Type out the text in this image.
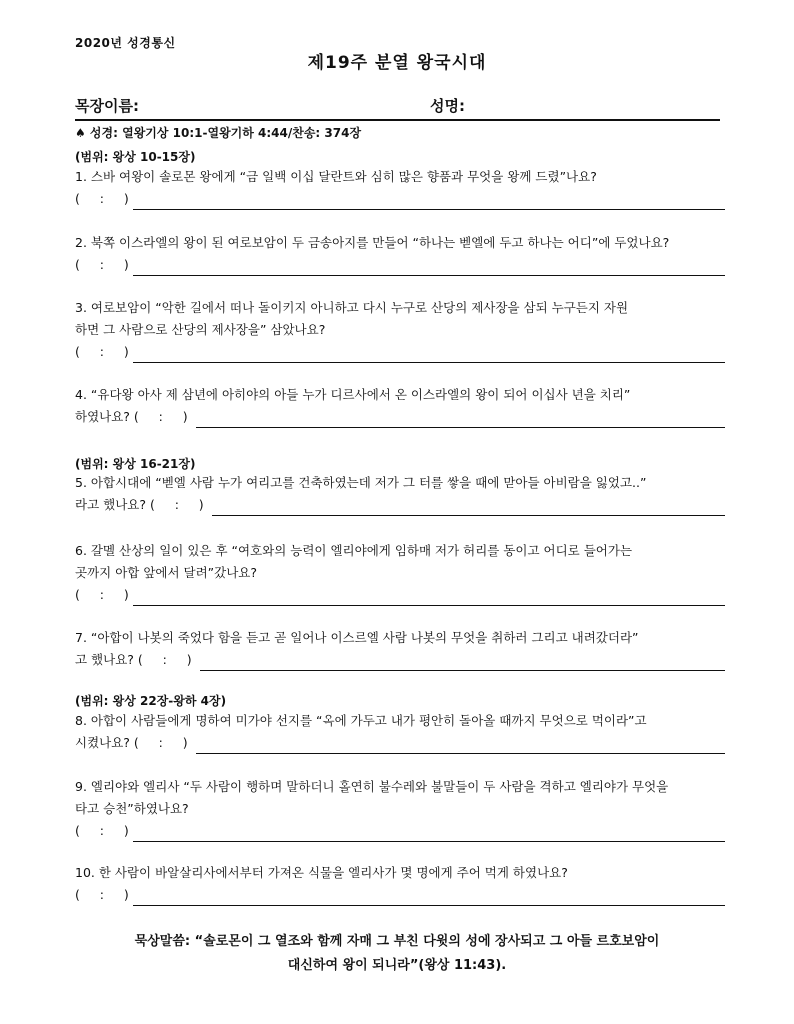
2020년 성경통신
제19주 분열 왕국시대
목장이름:	성명:
♠ 성경: 열왕기상 10:1-열왕기하 4:44/찬송: 374장
(범위: 왕상 10-15장)
1. 스바 여왕이 솔로몬 왕에게 “금 일백 이십 달란트와 심히 많은 향품과 무엇을 왕께 드렸”나요?
(     :     )
2. 북쪽 이스라엘의 왕이 된 여로보암이 두 금송아지를 만들어 “하나는 벧엘에 두고 하나는 어디”에 두었나요?
(     :     )
3. 여로보암이 “악한 길에서 떠나 돌이키지 아니하고 다시 누구로 산당의 제사장을 삼되 누구든지 자원
하면 그 사람으로 산당의 제사장을” 삼았나요?
(     :     )
4. “유다왕 아사 제 삼년에 아히야의 아들 누가 디르사에서 온 이스라엘의 왕이 되어 이십사 년을 치리”
하였나요? (     :     )
(범위: 왕상 16-21장)
5. 아합시대에 “벧엘 사람 누가 여리고를 건축하였는데 저가 그 터를 쌓을 때에 맏아들 아비람을 잃었고..”
라고 했나요? (     :     )
6. 갈멜 산상의 일이 있은 후 “여호와의 능력이 엘리야에게 임하매 저가 허리를 동이고 어디로 들어가는
곳까지 아합 앞에서 달려”갔나요?
(     :     )
7. “아합이 나봇의 죽었다 함을 듣고 곧 일어나 이스르엘 사람 나봇의 무엇을 취하러 그리고 내려갔더라”
고 했나요? (     :     )
(범위: 왕상 22장-왕하 4장)
8. 아합이 사람들에게 명하여 미가야 선지를 “옥에 가두고 내가 평안히 돌아올 때까지 무엇으로 먹이라”고
시켰나요? (     :     )
9. 엘리야와 엘리사 “두 사람이 행하며 말하더니 홀연히 불수레와 불말들이 두 사람을 격하고 엘리야가 무엇을
타고 승천”하였나요?
(     :     )
10. 한 사람이 바알살리사에서부터 가져온 식물을 엘리사가 몇 명에게 주어 먹게 하였나요?
(     :     )
묵상말씀: “솔로몬이 그 열조와 함께 자매 그 부친 다윗의 성에 장사되고 그 아들 르호보암이
대신하여 왕이 되니라”(왕상 11:43).
